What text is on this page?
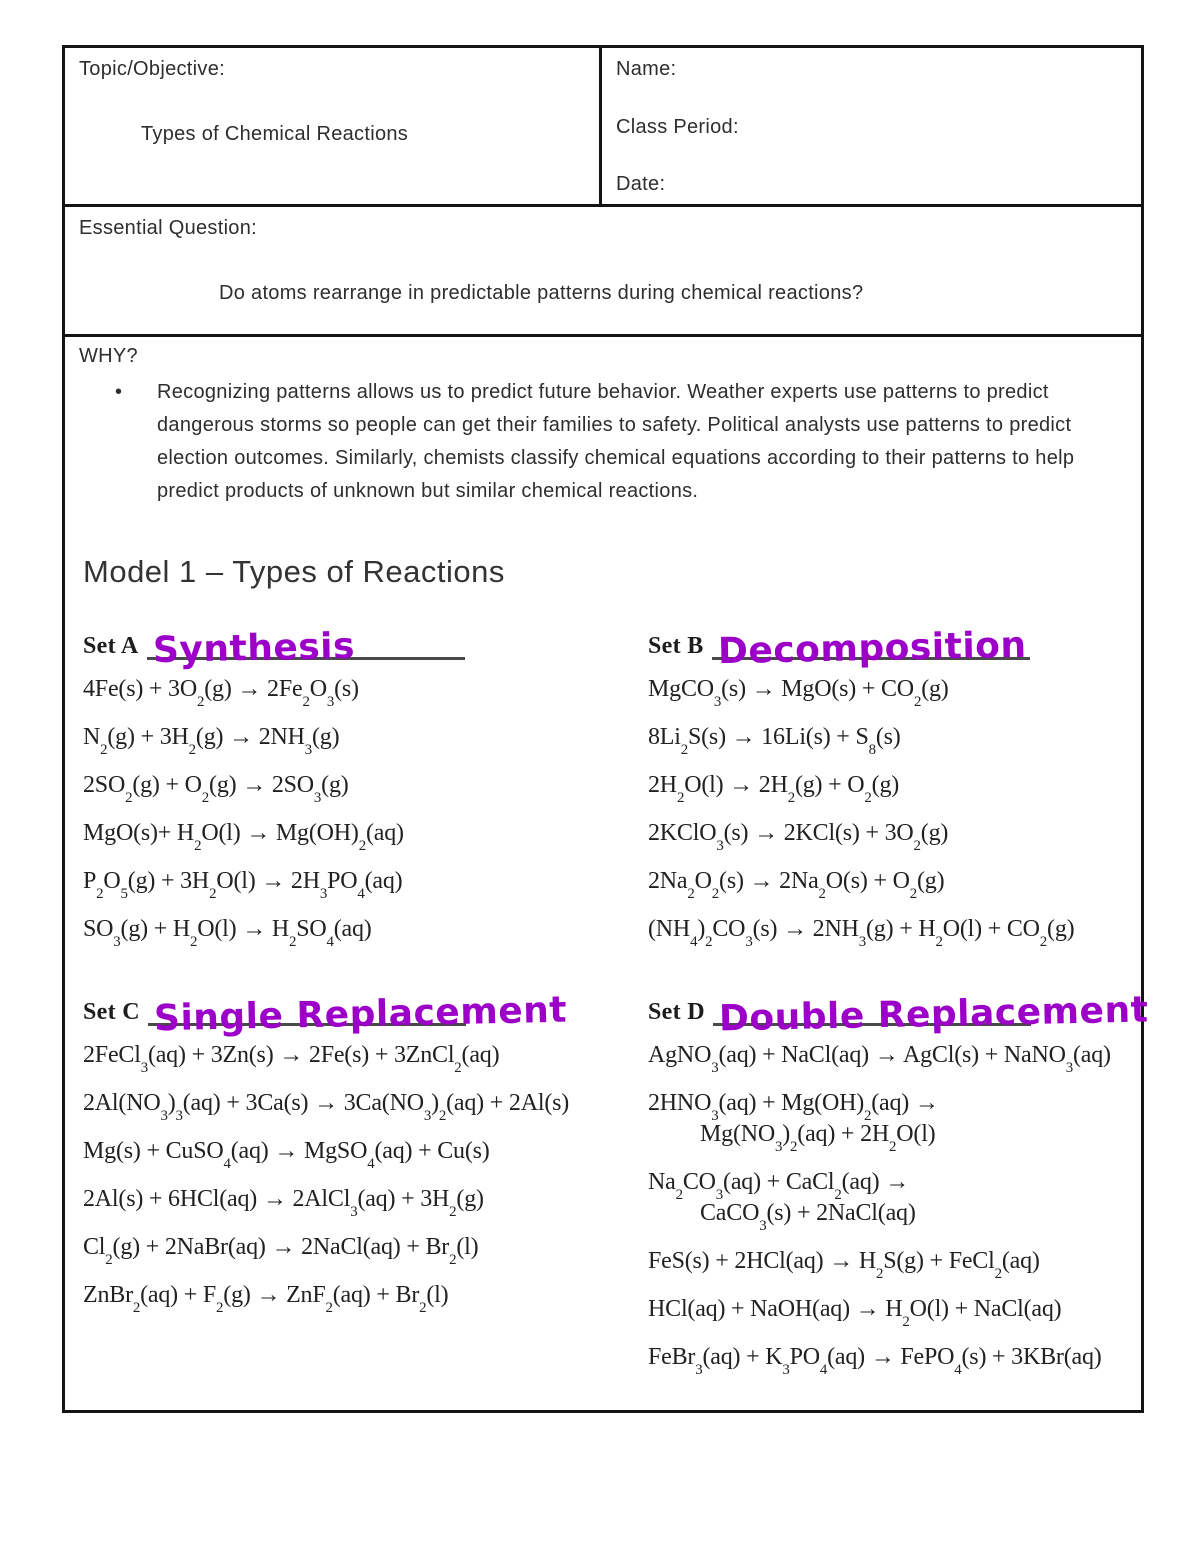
Topic/Objective:
Types of Chemical Reactions
Name:
Class Period:
Date:
Essential Question:
Do atoms rearrange in predictable patterns during chemical reactions?
WHY?
•	Recognizing patterns allows us to predict future behavior. Weather experts use patterns to predict dangerous storms so people can get their families to safety. Political analysts use patterns to predict election outcomes. Similarly, chemists classify chemical equations according to their patterns to help predict products of unknown but similar chemical reactions.
Model 1 – Types of Reactions
Set A Synthesis
$4Fe(s) + 3O_2(g) \to 2Fe_2O_3(s)$
$N_2(g) + 3H_2(g) \to 2NH_3(g)$
$2SO_2(g) + O_2(g) \to 2SO_3(g)$
$MgO(s)+ H_2O(l) \to Mg(OH)_2(aq)$
$P_2O_5(g) + 3H_2O(l) \to 2H_3PO_4(aq)$
$SO_3(g) + H_2O(l) \to H_2SO_4(aq)$
Set B Decomposition
MgCO$_3$(s) → $MgO(s) + CO_2(g)$
$8Li_2S(s) \to 16Li(s) + S_8(s)$
$2H_2O(l) \to 2H_2(g) + O_2(g)$
2KClO$_3$(s) → $2KCl(s) + 3O_2(g)$
$2Na_2O_2(s) \to 2Na_2O(s) + O_2(g)$
$(NH_4)_2CO_3(s) \to 2NH_3(g) + H_2O(l) + CO_2(g)$
Set C Single Replacement
2FeCl$_3$(aq) + 3Zn(s) → 2Fe(s) + 3ZnCl$_2$(aq)
$2Al(NO_3)_3(aq) + 3Ca(s) \to 3Ca(NO_3)_2(aq) + 2Al(s)$
Mg(s) + CuSO$_4$(aq) → MgSO$_4$(aq) + Cu(s)
2Al(s) + 6HCl(aq) → 2AlCl$_3$(aq) + $3H_2(g)$
$Cl_2(g)$ + 2NaBr(aq) → 2NaCl(aq) + $Br_2(l)$
ZnBr$_2$(aq) + $F_2(g) \to ZnF_2(aq) + Br_2(l)$
Set D Double Replacement
AgNO$_3$(aq) + NaCl(aq) → AgCl(s) + NaNO$_3$(aq)
$2HNO_3(aq) + Mg(OH)_2(aq)$ →
$Mg(NO_3)_2(aq) + 2H_2O(l)$
$Na_2CO_3(aq)$ + CaCl$_2$(aq) →
CaCO$_3$(s) + 2NaCl(aq)
$FeS(s) + 2HCl(aq) \to H_2S(g)$ + FeCl$_2$(aq)
HCl(aq) + NaOH(aq) → $H_2O(l)$ + NaCl(aq)
FeBr$_3$(aq) + $K_3PO_4(aq)$ → FePO$_4$(s) + 3KBr(aq)
